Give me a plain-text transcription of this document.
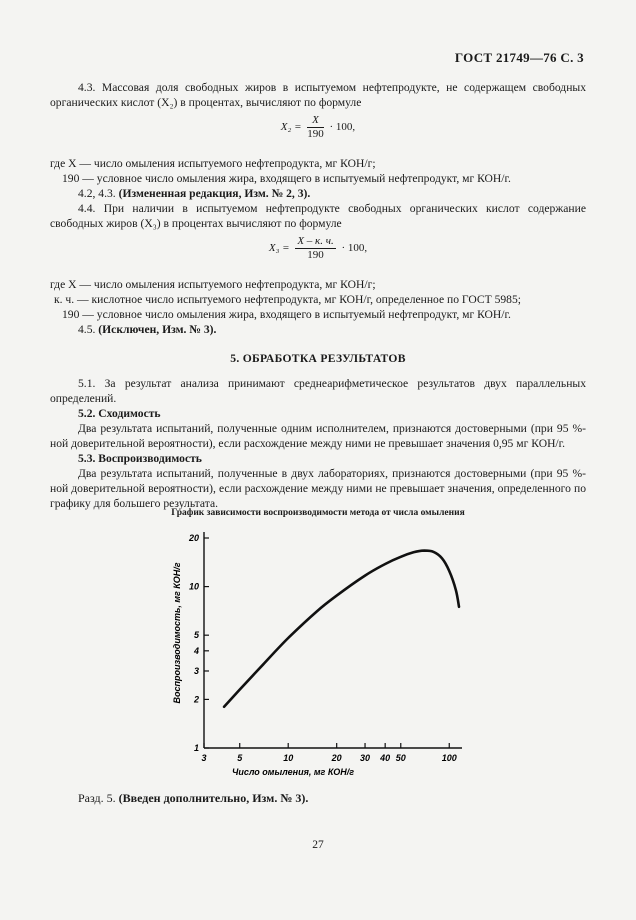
ГОСТ 21749—76 С. 3

4.3. Массовая доля свободных жиров в испытуемом нефтепродукте, не содержащем свободных органических кислот (X₂) в процентах, вычисляют по формуле

$X_2 = \frac{X}{190} \cdot 100$,

где X — число омыления испытуемого нефтепродукта, мг КОН/г;

190 — условное число омыления жира, входящего в испытуемый нефтепродукт, мг КОН/г.

4.2, 4.3. (Измененная редакция, Изм. № 2, 3).

4.4. При наличии в испытуемом нефтепродукте свободных органических кислот содержание свободных жиров (X₃) в процентах вычисляют по формуле

$X_3 = \frac{X - к. ч.}{190} \cdot 100$,

где X — число омыления испытуемого нефтепродукта, мг КОН/г;

к. ч. — кислотное число испытуемого нефтепродукта, мг КОН/г, определенное по ГОСТ 5985;

190 — условное число омыления жира, входящего в испытуемый нефтепродукт, мг КОН/г.

4.5. (Исключен, Изм. № 3).

5. ОБРАБОТКА РЕЗУЛЬТАТОВ

5.1. За результат анализа принимают среднеарифметическое результатов двух параллельных определений.

5.2. Сходимость

Два результата испытаний, полученные одним исполнителем, признаются достоверными (при 95 %-ной доверительной вероятности), если расхождение между ними не превышает значения 0,95 мг КОН/г.

5.3. Воспроизводимость

Два результата испытаний, полученные в двух лабораториях, признаются достоверными (при 95 %-ной доверительной вероятности), если расхождение между ними не превышает значения, определенного по графику для большего результата.

График зависимости воспроизводимости метода от числа омыления
3	5	10	20 30 40 50	100
1
2
3
4
5
10
20
Число омыления, мг КОН/г
Воспроизводимость, мг КОН/г
Разд. 5. (Введен дополнительно, Изм. № 3).
27
